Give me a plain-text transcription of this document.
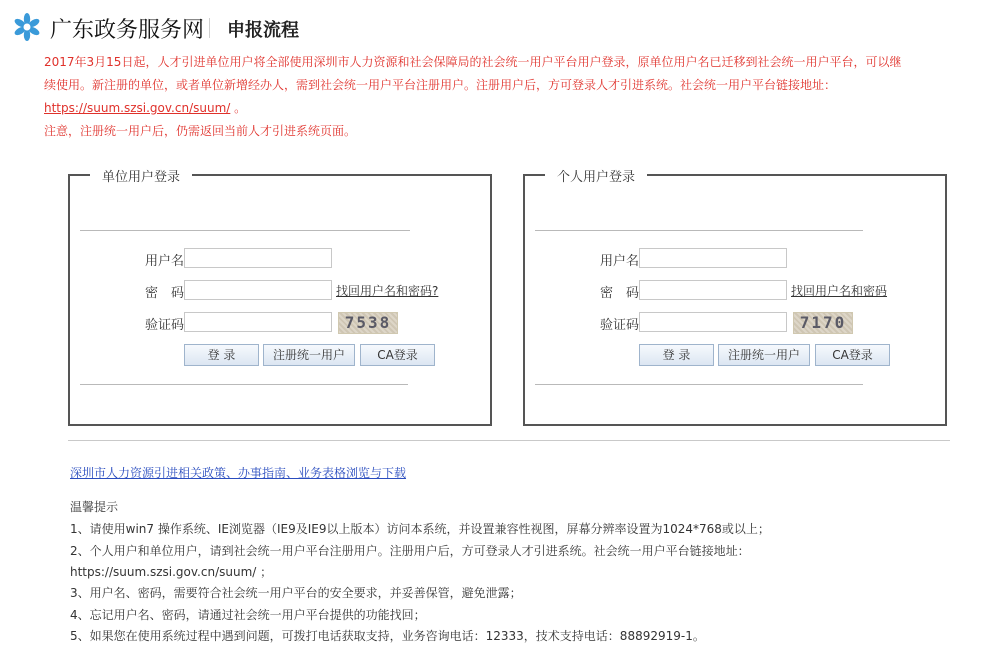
广东政务服务网 申报流程
2017年3月15日起，人才引进单位用户将全部使用深圳市人力资源和社会保障局的社会统一用户平台用户登录，原单位用户名已迁移到社会统一用户平台，可以继
续使用。新注册的单位，或者单位新增经办人，需到社会统一用户平台注册用户。注册用户后，方可登录人才引进系统。社会统一用户平台链接地址：
https://suum.szsi.gov.cn/suum/ 。
注意，注册统一用户后，仍需返回当前人才引进系统页面。
单位用户登录
用户名
密　码	找回用户名和密码?
验证码	7538
登 录	注册统一用户	CA登录
个人用户登录
用户名
密　码	找回用户名和密码
验证码	7170
登 录	注册统一用户	CA登录
深圳市人力资源引进相关政策、办事指南、业务表格浏览与下载
温馨提示
1、请使用win7 操作系统、IE浏览器（IE9及IE9以上版本）访问本系统，并设置兼容性视图，屏幕分辨率设置为1024*768或以上；
2、个人用户和单位用户，请到社会统一用户平台注册用户。注册用户后，方可登录人才引进系统。社会统一用户平台链接地址：
https://suum.szsi.gov.cn/suum/ ；
3、用户名、密码，需要符合社会统一用户平台的安全要求，并妥善保管，避免泄露；
4、忘记用户名、密码，请通过社会统一用户平台提供的功能找回；
5、如果您在使用系统过程中遇到问题，可拨打电话获取支持，业务咨询电话：12333，技术支持电话：88892919-1。
